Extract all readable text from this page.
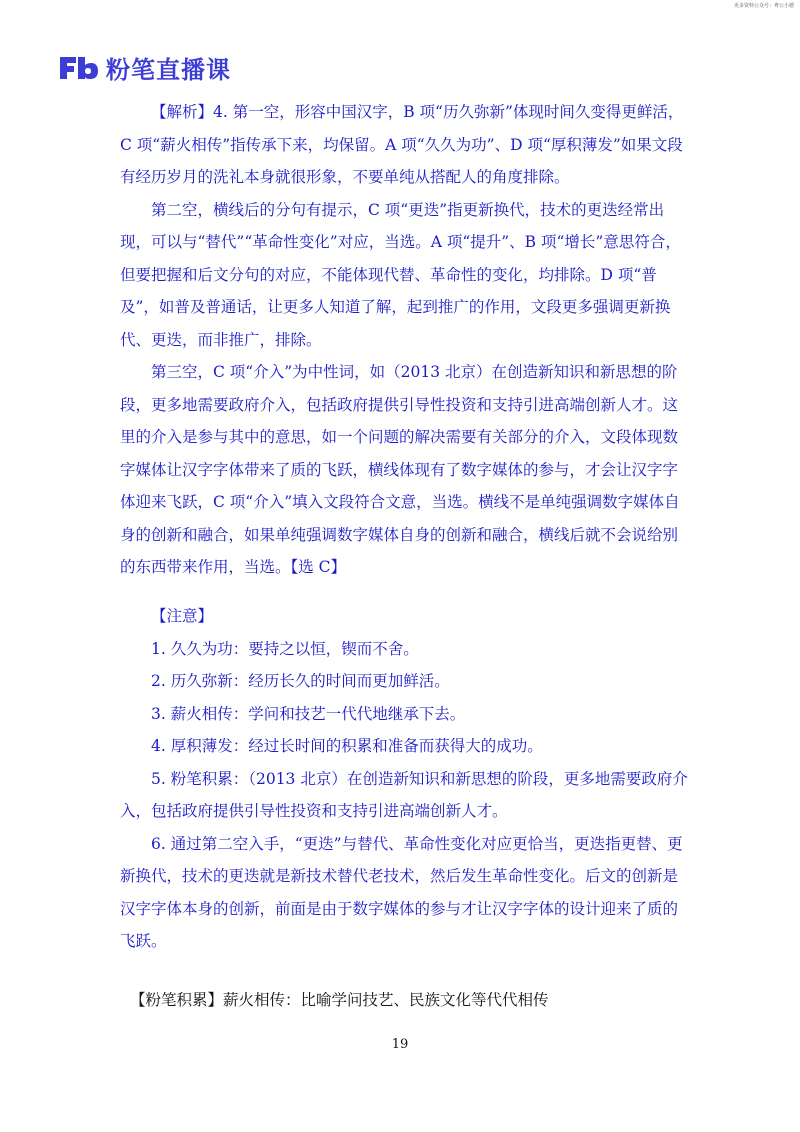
更多资料公众号：粤公小德
粉笔直播课

【解析】4. 第一空，形容中国汉字，B 项“历久弥新”体现时间久变得更鲜活，C 项“薪火相传”指传承下来，均保留。A 项“久久为功”、D 项“厚积薄发”如果文段有经历岁月的洗礼本身就很形象，不要单纯从搭配人的角度排除。

第二空，横线后的分句有提示，C 项“更迭”指更新换代，技术的更迭经常出现，可以与“替代”“革命性变化”对应，当选。A 项“提升”、B 项“增长”意思符合，但要把握和后文分句的对应，不能体现代替、革命性的变化，均排除。D 项“普及”，如普及普通话，让更多人知道了解，起到推广的作用，文段更多强调更新换代、更迭，而非推广，排除。

第三空，C 项“介入”为中性词，如（2013 北京）在创造新知识和新思想的阶段，更多地需要政府介入，包括政府提供引导性投资和支持引进高端创新人才。这里的介入是参与其中的意思，如一个问题的解决需要有关部分的介入，文段体现数字媒体让汉字字体带来了质的飞跃，横线体现有了数字媒体的参与，才会让汉字字体迎来飞跃，C 项“介入”填入文段符合文意，当选。横线不是单纯强调数字媒体自身的创新和融合，如果单纯强调数字媒体自身的创新和融合，横线后就不会说给别的东西带来作用，当选。【选 C】

【注意】

1. 久久为功：要持之以恒，锲而不舍。

2. 历久弥新：经历长久的时间而更加鲜活。

3. 薪火相传：学问和技艺一代代地继承下去。

4. 厚积薄发：经过长时间的积累和准备而获得大的成功。

5. 粉笔积累：（2013 北京）在创造新知识和新思想的阶段，更多地需要政府介入，包括政府提供引导性投资和支持引进高端创新人才。

6. 通过第二空入手，“更迭”与替代、革命性变化对应更恰当，更迭指更替、更新换代，技术的更迭就是新技术替代老技术，然后发生革命性变化。后文的创新是汉字字体本身的创新，前面是由于数字媒体的参与才让汉字字体的设计迎来了质的飞跃。

【粉笔积累】薪火相传：比喻学问技艺、民族文化等代代相传
19
